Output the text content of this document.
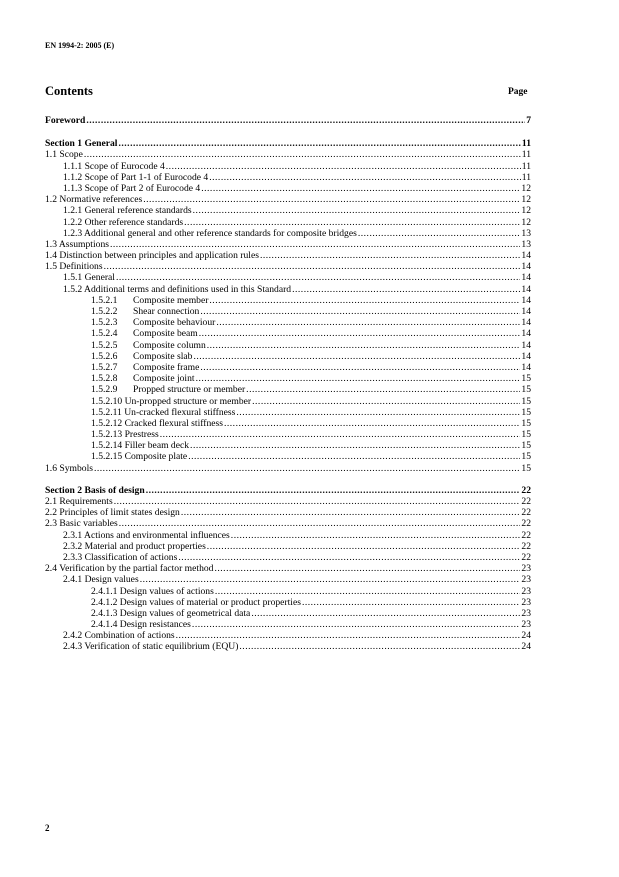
EN 1994-2: 2005 (E)
Contents	Page
Foreword .....	7
Section 1 General .....	11
1.1 Scope .....	11
1.1.1 Scope of Eurocode 4 .....	11
1.1.2 Scope of Part 1-1 of Eurocode 4 .....	11
1.1.3 Scope of Part 2 of Eurocode 4 .....	12
1.2 Normative references .....	12
1.2.1 General reference standards .....	12
1.2.2 Other reference standards .....	12
1.2.3 Additional general and other reference standards for composite bridges .....	13
1.3 Assumptions .....	13
1.4 Distinction between principles and application rules .....	14
1.5 Definitions .....	14
1.5.1 General .....	14
1.5.2 Additional terms and definitions used in this Standard .....	14
1.5.2.1 Composite member .....	14
1.5.2.2 Shear connection .....	14
1.5.2.3 Composite behaviour .....	14
1.5.2.4 Composite beam .....	14
1.5.2.5 Composite column .....	14
1.5.2.6 Composite slab .....	14
1.5.2.7 Composite frame .....	14
1.5.2.8 Composite joint .....	15
1.5.2.9 Propped structure or member .....	15
1.5.2.10 Un-propped structure or member .....	15
1.5.2.11 Un-cracked flexural stiffness .....	15
1.5.2.12 Cracked flexural stiffness .....	15
1.5.2.13 Prestress .....	15
1.5.2.14 Filler beam deck .....	15
1.5.2.15 Composite plate .....	15
1.6 Symbols .....	15
Section 2 Basis of design .....	22
2.1 Requirements .....	22
2.2 Principles of limit states design .....	22
2.3 Basic variables .....	22
2.3.1 Actions and environmental influences .....	22
2.3.2 Material and product properties .....	22
2.3.3 Classification of actions .....	22
2.4 Verification by the partial factor method .....	23
2.4.1 Design values .....	23
2.4.1.1 Design values of actions .....	23
2.4.1.2 Design values of material or product properties .....	23
2.4.1.3 Design values of geometrical data .....	23
2.4.1.4 Design resistances .....	23
2.4.2 Combination of actions .....	24
2.4.3 Verification of static equilibrium (EQU) .....	24
2
